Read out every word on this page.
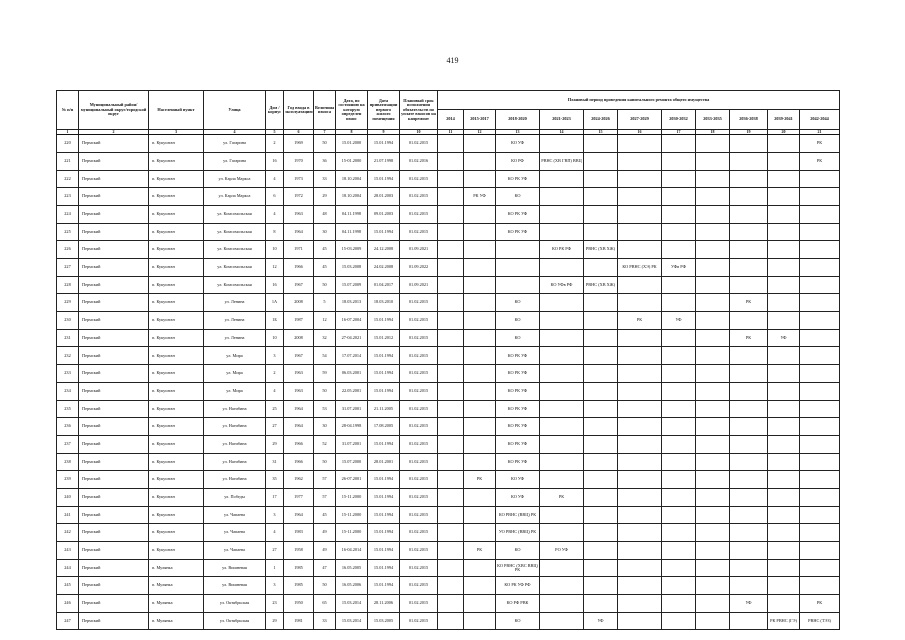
419
№ п/п	Муниципальный район/муниципальный округ/городской округ	Населенный пункт	Улица	Дом / корпус	Год ввода в эксплуатацию	Величина износа	Дата, по состоянию на которую определен износ	Дата приватизации первого жилого помещения	Плановый срок исполнения обязательств по уплате взносов на капремонт	Плановый период проведения капитального ремонта общего имущества										
										2014	2015-2017	2018-2020	2021-2023	2024-2026	2027-2029	2030-2032	2033-2035	2036-2038	2039-2041	2042-2044
1	2	3	4	5	6	7	8	9	10	11	12	13	14	15	16	17	18	19	20	21
220	Пермский	п. Кукуштан	ул. Гагарина	2	1969	50	15.01.2000	15.01.1994	01.02.2015			КО УФ								РК
221	Пермский	п. Кукуштан	ул. Гагарина	16	1970	36	15-01.2000	21.07.1998	01.02.2016			КО РФ	РВНС (ХВ ГВП) ВВЦ							РК
222	Пермский	п. Кукуштан	ул. Карла Маркса	4	1973	33	18.10.2004	15.01.1994	01.02.2015			КО РК УФ								
223	Пермский	п. Кукуштан	ул. Карла Маркса	6	1972	29	18.10.2004	28.01.2003	01.02.2015		РК УФ	КО								
224	Пермский	п. Кукуштан	ул. Комсомольская	4	1963	48	04.11.1998	09.01.2003	01.02.2015			КО РК УФ								
225	Пермский	п. Кукуштан	ул. Комсомольская	8	1964	30	04.11.1998	15.01.1994	01.02.2015			КО РК УФ								
226	Пермский	п. Кукуштан	ул. Комсомольская	10	1971	45	15-03.2009	24.12.2008	01.09.2021				КО РК РФ	РВНС (ХВ ХЖ)						
227	Пермский	п. Кукуштан	ул. Комсомольская	12	1966	45	15.03.2008	24.02.2008	01.09.2022						КО РВНС (ХЭ) РК	УФв РФ				
228	Пермский	п. Кукуштан	ул. Комсомольская	16	1967	50	15.07.2009	01.04.2017	01.09.2021				КО УФв РФ	РВНС (ХВ ХЖ)						
229	Пермский	п. Кукуштан	ул. Ленина	1А	2008	5	18.03.2013	18.03.2010	01.02.2015			КО						РК		
230	Пермский	п. Кукуштан	ул. Ленина	1Б	1987	12	16-07.2004	15.01.1994	01.02.2015			КО			РК	УФ				
231	Пермский	п. Кукуштан	ул. Ленина	10	2008	32	27-04.2021	15.01.2012	01.02.2015			КО						РК	УФ	
232	Пермский	п. Кукуштан	ул. Мира	3	1967	54	17.07.2014	15.01.1994	01.02.2015			КО РК УФ								
233	Пермский	п. Кукуштан	ул. Мира	2	1963	59	06.03.2001	15.01.1994	01.02.2015			КО РК УФ								
234	Пермский	п. Кукуштан	ул. Мира	4	1963	50	22.05.2001	15.01.1994	01.02.2015			КО РК УФ								
235	Пермский	п. Кукуштан	ул. Нагибина	25	1964	53	31.07.2001	21.11.2005	01.02.2015			КО РК УФ								
236	Пермский	п. Кукуштан	ул. Нагибина	27	1964	30	28-04.1998	17.08.2005	01.02.2015			КО РК УФ								
237	Пермский	п. Кукуштан	ул. Нагибина	29	1966	52	31.07.2001	15.01.1994	01.02.2015			КО РК УФ								
238	Пермский	п. Кукуштан	ул. Нагибина	31	1966	50	15.07.2000	28.01.2001	01.02.2015			КО РК УФ								
239	Пермский	п. Кукуштан	ул. Нагибина	35	1962	57	26-07.2001	15.01.1994	01.02.2015		РК	КО УФ								
240	Пермский	п. Кукуштан	ул. Победы	17	1977	57	15-11.2000	15.01.1994	01.02.2015			КО УФ	РК							
241	Пермский	п. Кукуштан	ул. Чапаева	3	1964	45	15-11.2000	15.01.1994	01.02.2015			КО РВНС (ВВЦ) РК								
242	Пермский	п. Кукуштан	ул. Чапаева	4	1983	49	15-11.2000	15.01.1994	01.02.2015			УО РВНС (ВВЦ) РК								
243	Пермский	п. Кукуштан	ул. Чапаева	27	1958	49	16-04.2014	15.01.1994	01.02.2015		РК	КО	РО УФ							
244	Пермский	п. Мулянка	ул. Вишневая	1	1985	47	16.05.2005	15.01.1994	01.02.2015			КО РВНС (ХВС ВВЦ) РК								
245	Пермский	п. Мулянка	ул. Вишневая	3	1985	50	16.05.2006	15.01.1994	01.02.2015			КО РК УФ РФ								
246	Пермский	п. Мулянка	ул. Октябрьская	23	1950	65	15.03.2014	28.11.2006	01.02.2015			КО РФ РВК						УФ		РК
247	Пермский	п. Мулянка	ул. Октябрьская	29	1981	33	15.03.2014	15.03.2005	01.02.2015			КО		УФ					РК РВНС (ГЭ)	РВНС (ТЭЗ)
